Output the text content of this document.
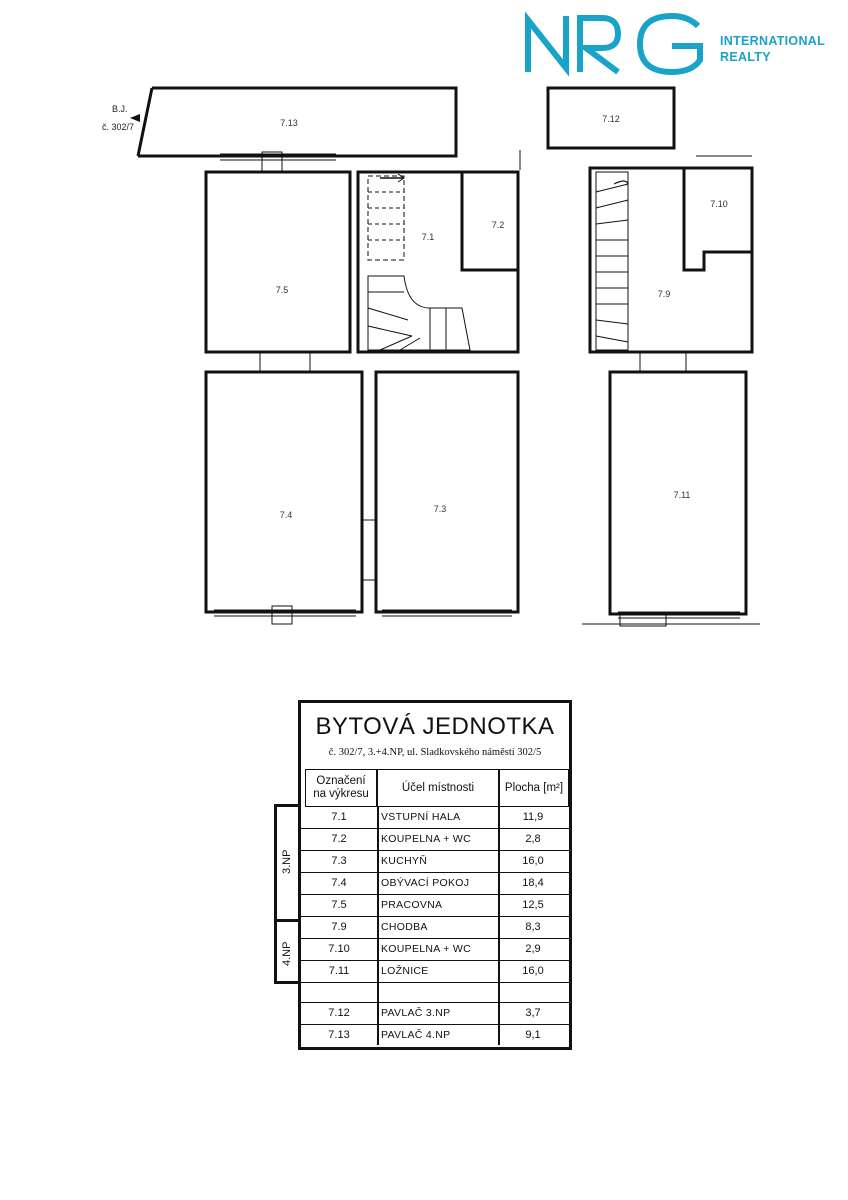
INTERNATIONAL
REALTY
B.J.
č. 302/7	7.13
7.5
7.1
7.2
7.4
7.3
7.12
7.10
7.9
7.11
3.NP
4.NP
BYTOVÁ JEDNOTKA
č. 302/7, 3.+4.NP, ul. Sladkovského náměstí 302/5
Označení
na výkresu
Účel místnosti	Plocha [m²]
7.1	VSTUPNÍ HALA	11,9
7.2	KOUPELNA + WC	2,8
7.3	KUCHYŇ	16,0
7.4	OBÝVACÍ POKOJ	18,4
7.5	PRACOVNA	12,5
7.9	CHODBA	8,3
7.10	KOUPELNA + WC	2,9
7.11	LOŽNICE	16,0
7.12	PAVLAČ 3.NP	3,7
7.13	PAVLAČ 4.NP	9,1
